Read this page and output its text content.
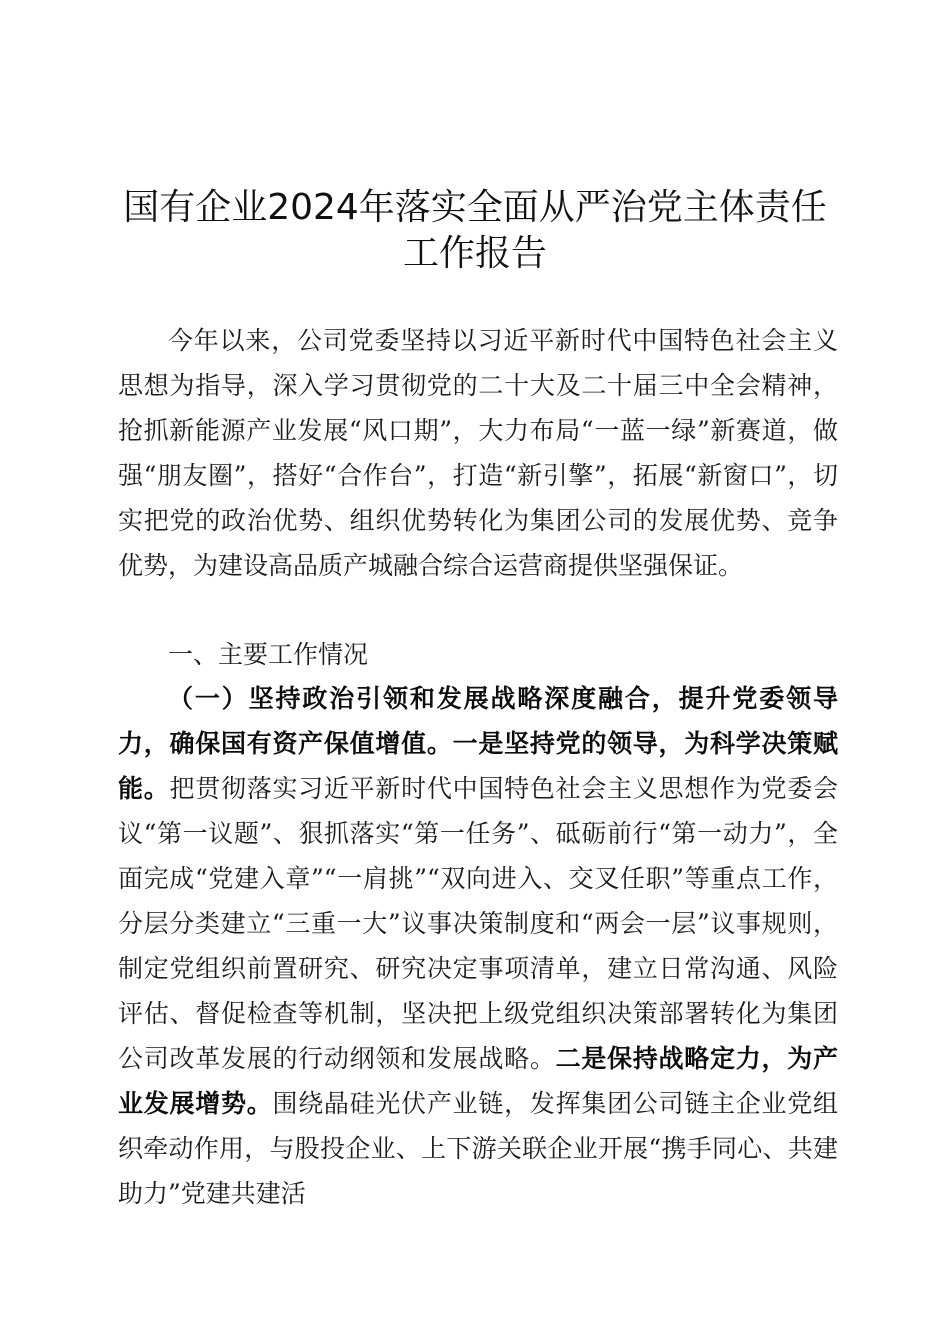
国有企业2024年落实全面从严治党主体责任
工作报告

今年以来，公司党委坚持以习近平新时代中国特色社会主义思想为指导，深入学习贯彻党的二十大及二十届三中全会精神，抢抓新能源产业发展“风口期”，大力布局“一蓝一绿”新赛道，做强“朋友圈”，搭好“合作台”，打造“新引擎”，拓展“新窗口”，切实把党的政治优势、组织优势转化为集团公司的发展优势、竞争优势，为建设高品质产城融合综合运营商提供坚强保证。

一、主要工作情况

（一）坚持政治引领和发展战略深度融合，提升党委领导力，确保国有资产保值增值。一是坚持党的领导，为科学决策赋能。把贯彻落实习近平新时代中国特色社会主义思想作为党委会议“第一议题”、狠抓落实“第一任务”、砥砺前行“第一动力”，全面完成“党建入章”“一肩挑”“双向进入、交叉任职”等重点工作，分层分类建立“三重一大”议事决策制度和“两会一层”议事规则，制定党组织前置研究、研究决定事项清单，建立日常沟通、风险评估、督促检查等机制，坚决把上级党组织决策部署转化为集团公司改革发展的行动纲领和发展战略。二是保持战略定力，为产业发展增势。围绕晶硅光伏产业链，发挥集团公司链主企业党组织牵动作用，与股投企业、上下游关联企业开展“携手同心、共建助力”党建共建活
